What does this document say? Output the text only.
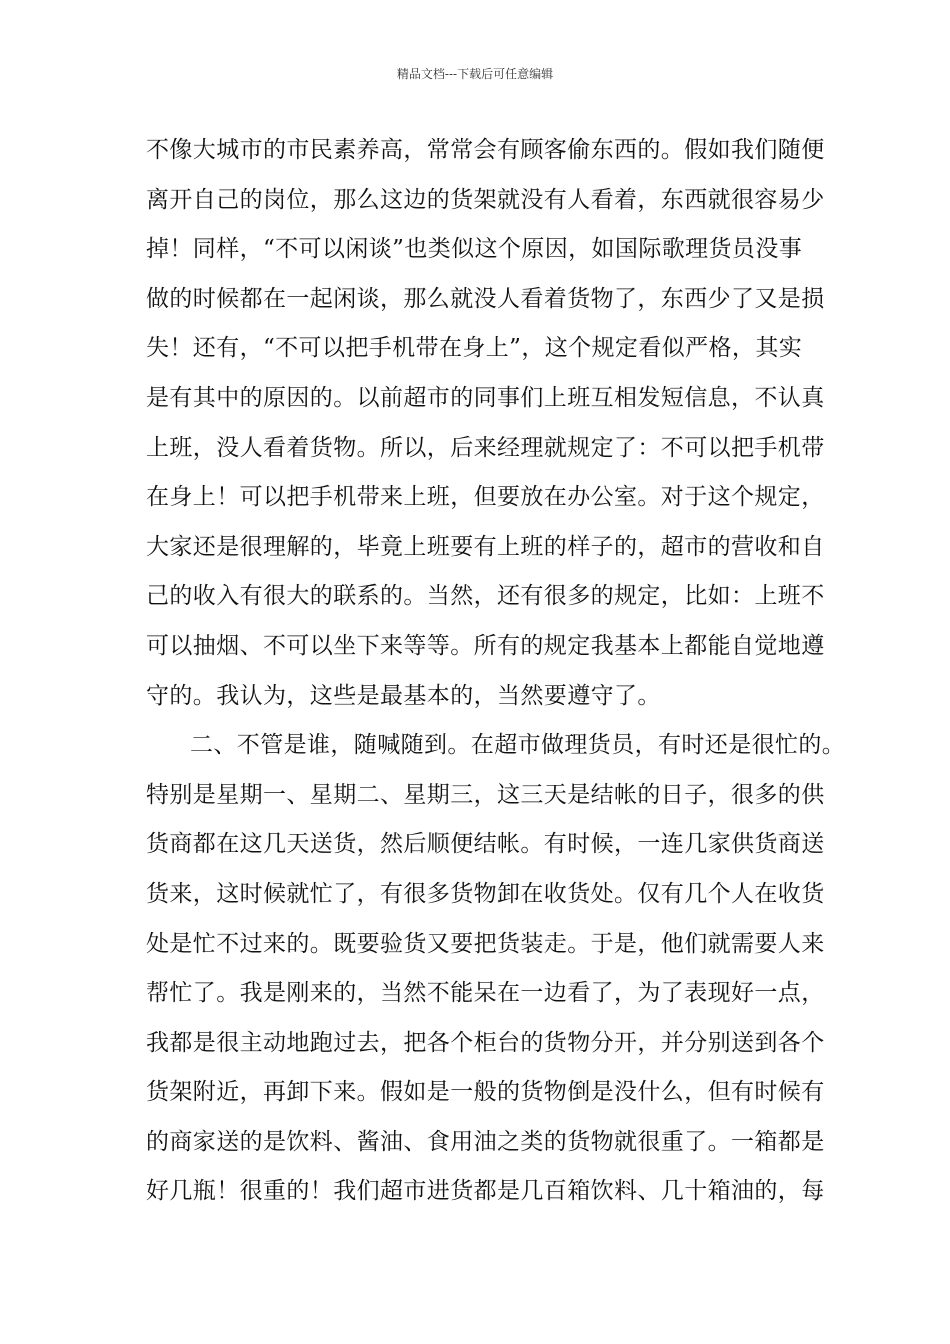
精品文档---下载后可任意编辑
不像大城市的市民素养高，常常会有顾客偷东西的。假如我们随便
离开自己的岗位，那么这边的货架就没有人看着，东西就很容易少
掉！同样，“不可以闲谈”也类似这个原因，如国际歌理货员没事
做的时候都在一起闲谈，那么就没人看着货物了，东西少了又是损
失！还有，“不可以把手机带在身上”，这个规定看似严格，其实
是有其中的原因的。以前超市的同事们上班互相发短信息，不认真
上班，没人看着货物。所以，后来经理就规定了：不可以把手机带
在身上！可以把手机带来上班，但要放在办公室。对于这个规定，
大家还是很理解的，毕竟上班要有上班的样子的，超市的营收和自
己的收入有很大的联系的。当然，还有很多的规定，比如：上班不
可以抽烟、不可以坐下来等等。所有的规定我基本上都能自觉地遵
守的。我认为，这些是最基本的，当然要遵守了。
二、不管是谁，随喊随到。在超市做理货员，有时还是很忙的。
特别是星期一、星期二、星期三，这三天是结帐的日子，很多的供
货商都在这几天送货，然后顺便结帐。有时候，一连几家供货商送
货来，这时候就忙了，有很多货物卸在收货处。仅有几个人在收货
处是忙不过来的。既要验货又要把货装走。于是，他们就需要人来
帮忙了。我是刚来的，当然不能呆在一边看了，为了表现好一点，
我都是很主动地跑过去，把各个柜台的货物分开，并分别送到各个
货架附近，再卸下来。假如是一般的货物倒是没什么，但有时候有
的商家送的是饮料、酱油、食用油之类的货物就很重了。一箱都是
好几瓶！很重的！我们超市进货都是几百箱饮料、几十箱油的，每
